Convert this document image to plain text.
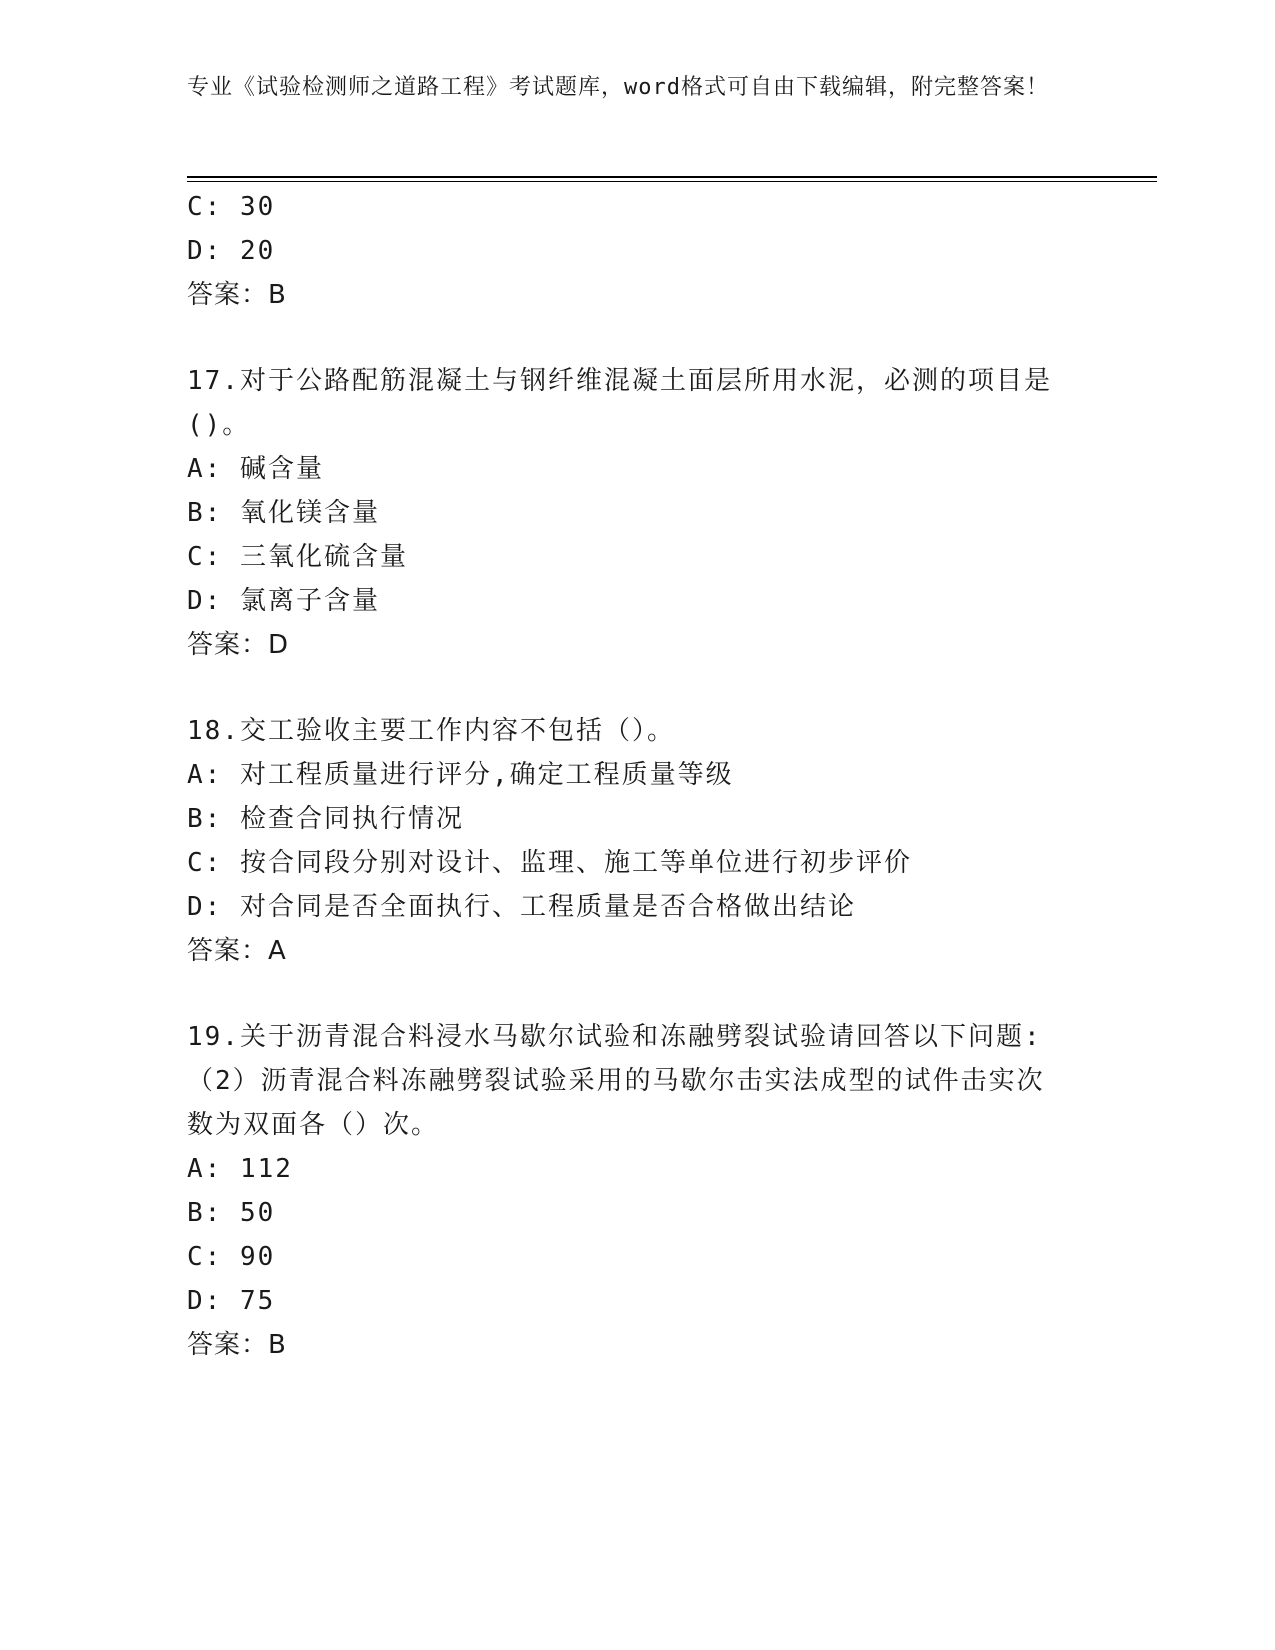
专业《试验检测师之道路工程》考试题库，word格式可自由下载编辑，附完整答案！
C: 30
D: 20
答案：B
17.对于公路配筋混凝土与钢纤维混凝土面层所用水泥，必测的项目是
()。
A: 碱含量
B: 氧化镁含量
C: 三氧化硫含量
D: 氯离子含量
答案：D
18.交工验收主要工作内容不包括（）。
A: 对工程质量进行评分,确定工程质量等级
B: 检查合同执行情况
C: 按合同段分别对设计、监理、施工等单位进行初步评价
D: 对合同是否全面执行、工程质量是否合格做出结论
答案：A
19.关于沥青混合料浸水马歇尔试验和冻融劈裂试验请回答以下问题:
（2）沥青混合料冻融劈裂试验采用的马歇尔击实法成型的试件击实次
数为双面各（）次。
A: 112
B: 50
C: 90
D: 75
答案：B
